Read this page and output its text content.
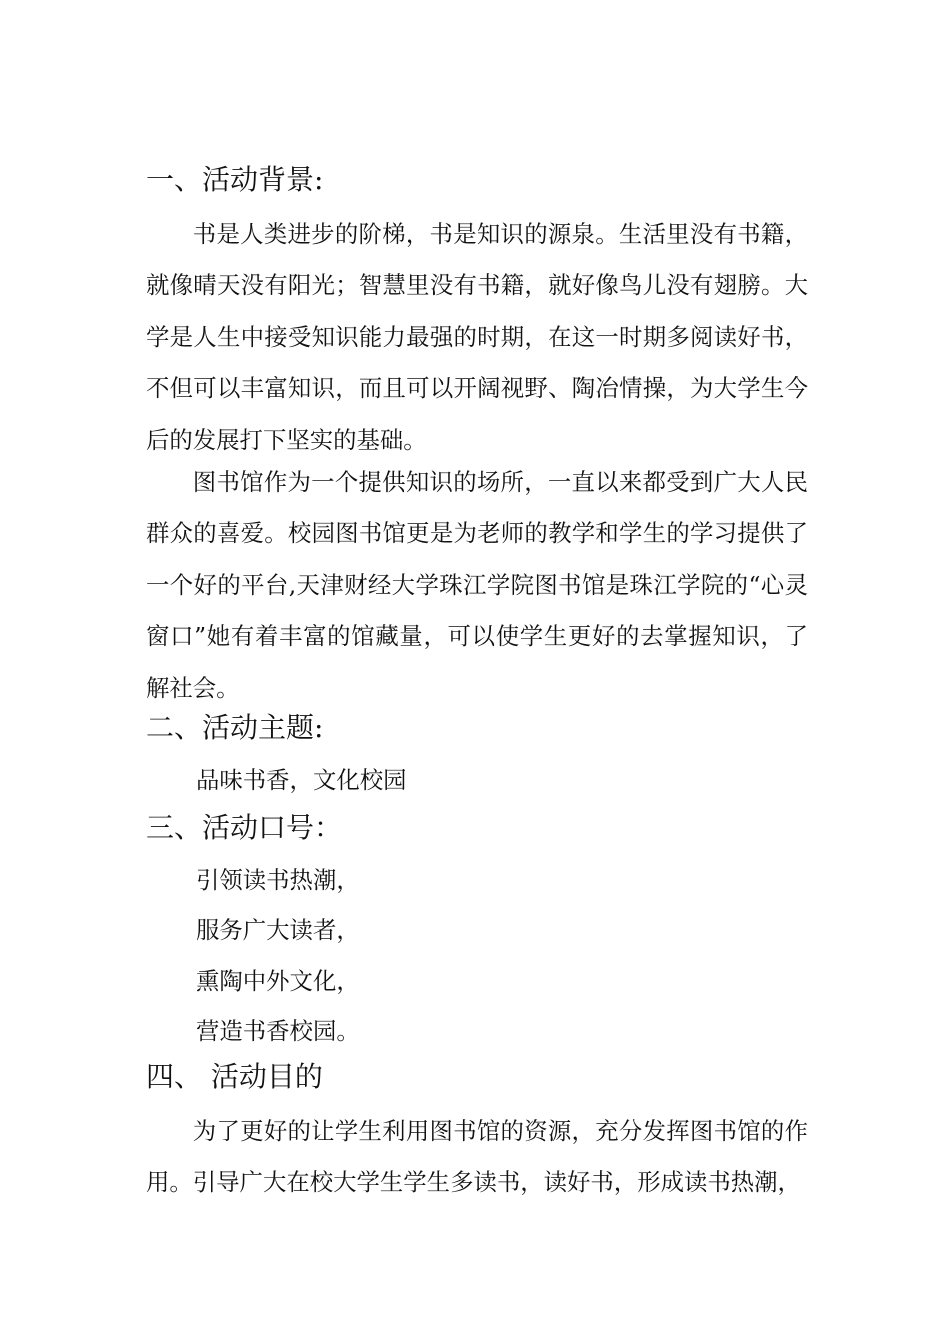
一、活动背景:

书是人类进步的阶梯，书是知识的源泉。生活里没有书籍，就像晴天没有阳光；智慧里没有书籍，就好像鸟儿没有翅膀。大学是人生中接受知识能力最强的时期，在这一时期多阅读好书，不但可以丰富知识，而且可以开阔视野、陶冶情操，为大学生今后的发展打下坚实的基础。

图书馆作为一个提供知识的场所，一直以来都受到广大人民群众的喜爱。校园图书馆更是为老师的教学和学生的学习提供了一个好的平台,天津财经大学珠江学院图书馆是珠江学院的“心灵窗口”她有着丰富的馆藏量，可以使学生更好的去掌握知识，了解社会。

二、活动主题:
品味书香，文化校园
三、活动口号：
引领读书热潮，
服务广大读者，
熏陶中外文化，
营造书香校园。
四、 活动目的

为了更好的让学生利用图书馆的资源，充分发挥图书馆的作用。引导广大在校大学生学生多读书，读好书，形成读书热潮，
